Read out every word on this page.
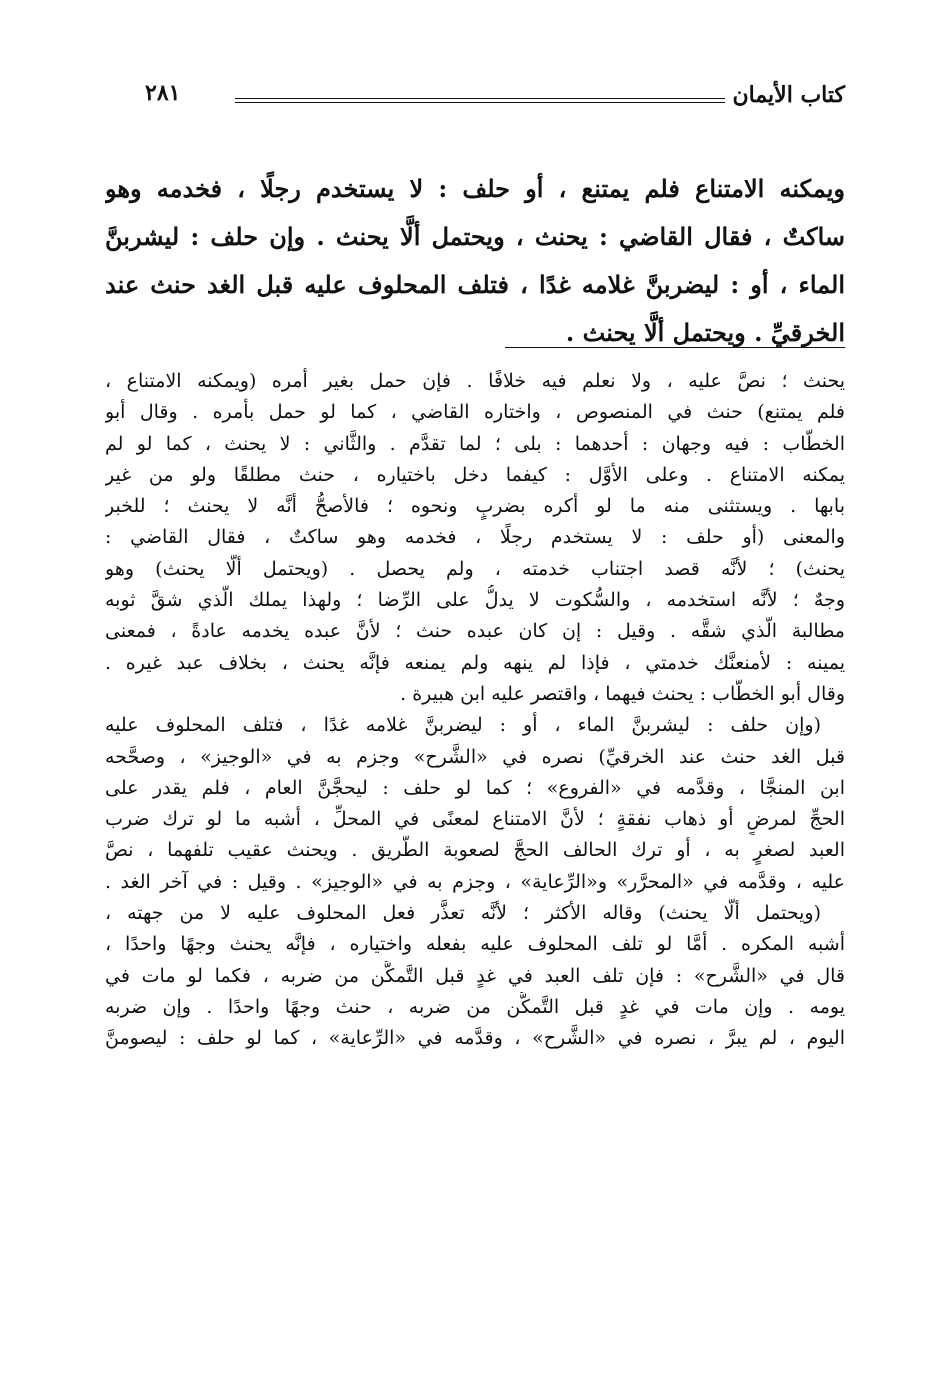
كتاب الأيمان
٢٨١
ويمكنه الامتناع فلم يمتنع ، أو حلف : لا يستخدم رجلًا ، فخدمه وهو
ساكتٌ ، فقال القاضي : يحنث ، ويحتمل ألَّا يحنث . وإن حلف : ليشربنَّ
الماء ، أو : ليضربنَّ غلامه غدًا ، فتلف المحلوف عليه قبل الغد حنث عند
الخرقيِّ . ويحتمل ألَّا يحنث .
يحنث ؛ نصَّ عليه ، ولا نعلم فيه خلافًا . فإن حمل بغير أمره (ويمكنه الامتناع ،
فلم يمتنع) حنث في المنصوص ، واختاره القاضي ، كما لو حمل بأمره . وقال أبو
الخطَّاب : فيه وجهان : أحدهما : بلى ؛ لما تقدَّم . والثَّاني : لا يحنث ، كما لو لم
يمكنه الامتناع . وعلى الأوَّل : كيفما دخل باختياره ، حنث مطلقًا ولو من غير
بابها . ويستثنى منه ما لو أكره بضربٍ ونحوه ؛ فالأصحُّ أنَّه لا يحنث ؛ للخبر
والمعنى (أو حلف : لا يستخدم رجلًا ، فخدمه وهو ساكتٌ ، فقال القاضي :
يحنث) ؛ لأنَّه قصد اجتناب خدمته ، ولم يحصل . (ويحتمل ألَّا يحنث) وهو
وجهٌ ؛ لأنَّه استخدمه ، والسُّكوت لا يدلُّ على الرِّضا ؛ ولهذا يملك الَّذي شقَّ ثوبه
مطالبة الَّذي شقَّه . وقيل : إن كان عبده حنث ؛ لأنَّ عبده يخدمه عادةً ، فمعنى
يمينه : لأمنعنَّك خدمتي ، فإذا لم ينهه ولم يمنعه فإنَّه يحنث ، بخلاف عبد غيره .
وقال أبو الخطَّاب : يحنث فيهما ، واقتصر عليه ابن هبيرة .
(وإن حلف : ليشربنَّ الماء ، أو : ليضربنَّ غلامه غدًا ، فتلف المحلوف عليه
قبل الغد حنث عند الخرقيِّ) نصره في «الشَّرح» وجزم به في «الوجيز» ، وصحَّحه
ابن المنجَّا ، وقدَّمه في «الفروع» ؛ كما لو حلف : ليحجَّنَّ العام ، فلم يقدر على
الحجِّ لمرضٍ أو ذهاب نفقةٍ ؛ لأنَّ الامتناع لمعنًى في المحلِّ ، أشبه ما لو ترك ضرب
العبد لصغرٍ به ، أو ترك الحالف الحجَّ لصعوبة الطَّريق . ويحنث عقيب تلفهما ، نصَّ
عليه ، وقدَّمه في «المحرَّر» و«الرِّعاية» ، وجزم به في «الوجيز» . وقيل : في آخر الغد .
(ويحتمل ألَّا يحنث) وقاله الأكثر ؛ لأنَّه تعذَّر فعل المحلوف عليه لا من جهته ،
أشبه المكره . أمَّا لو تلف المحلوف عليه بفعله واختياره ، فإنَّه يحنث وجهًا واحدًا ،
قال في «الشَّرح» : فإن تلف العبد في غدٍ قبل التَّمكُّن من ضربه ، فكما لو مات في
يومه . وإن مات في غدٍ قبل التَّمكُّن من ضربه ، حنث وجهًا واحدًا . وإن ضربه
اليوم ، لم يبرَّ ، نصره في «الشَّرح» ، وقدَّمه في «الرِّعاية» ، كما لو حلف : ليصومنَّ
